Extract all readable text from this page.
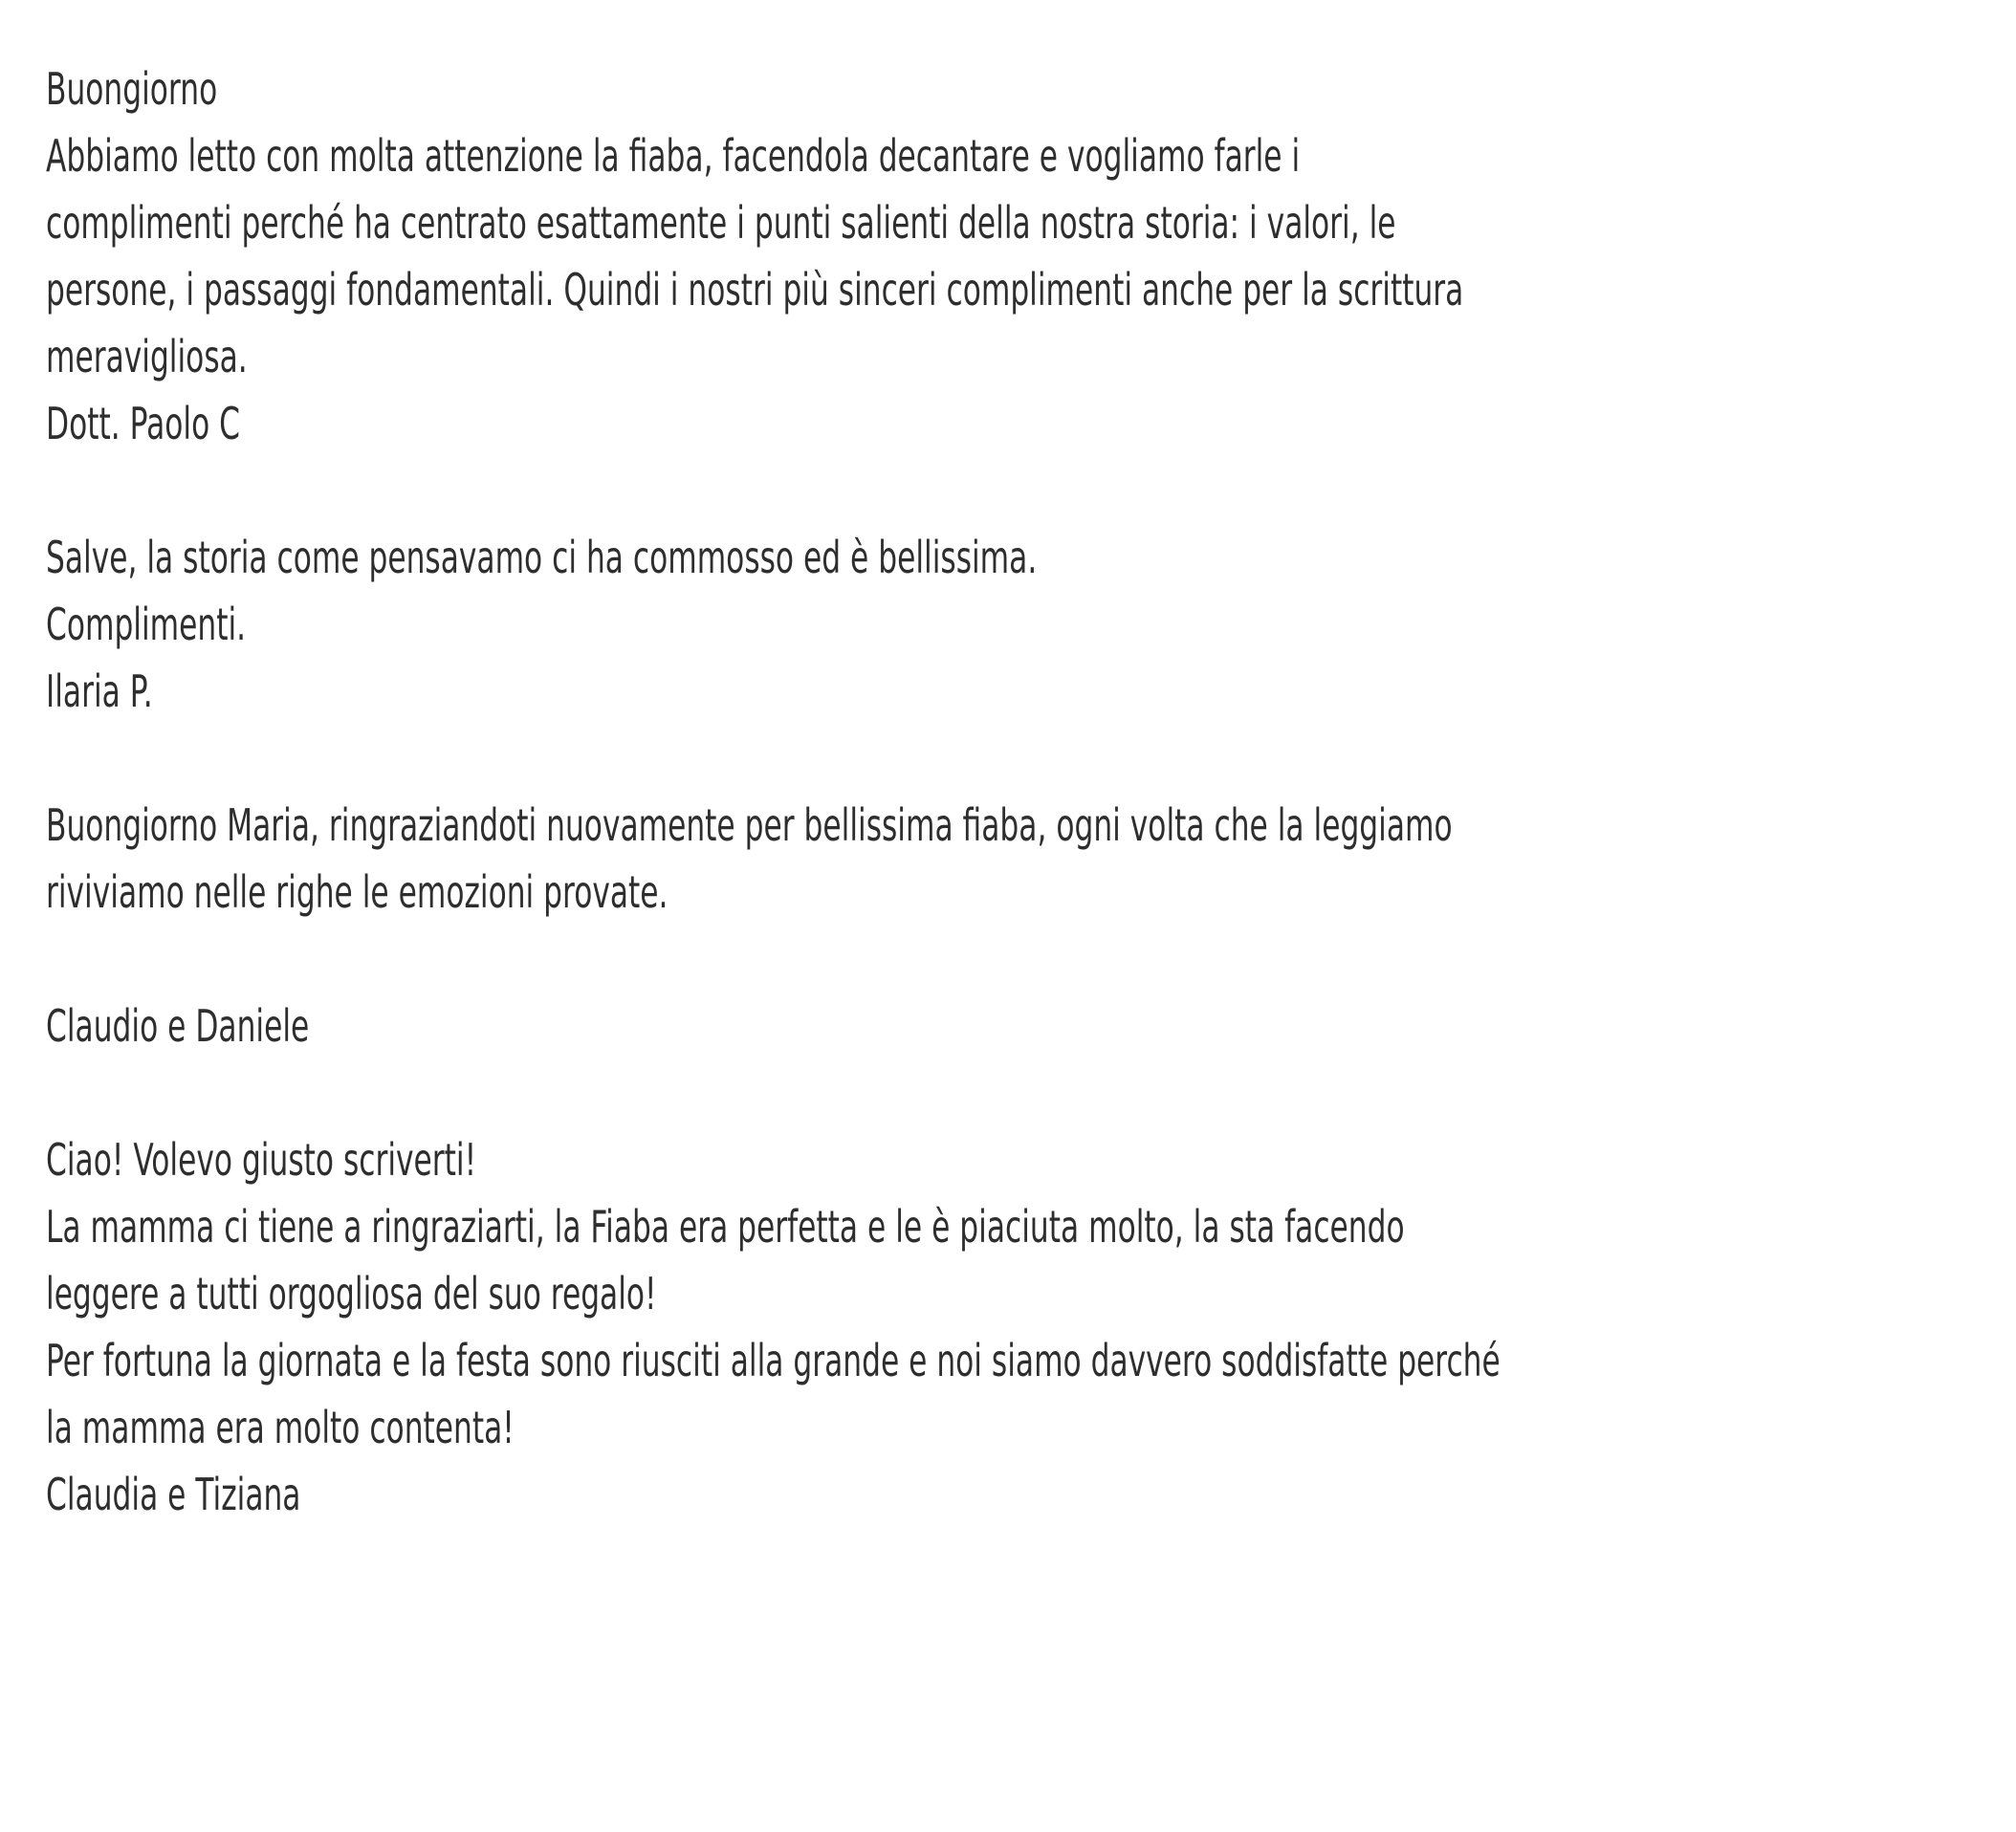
Buongiorno
Abbiamo letto con molta attenzione la fiaba, facendola decantare e vogliamo farle i
complimenti perché ha centrato esattamente i punti salienti della nostra storia: i valori, le
persone, i passaggi fondamentali. Quindi i nostri più sinceri complimenti anche per la scrittura
meravigliosa.
Dott. Paolo C
Salve, la storia come pensavamo ci ha commosso ed è bellissima.
Complimenti.
Ilaria P.
Buongiorno Maria, ringraziandoti nuovamente per bellissima fiaba, ogni volta che la leggiamo
riviviamo nelle righe le emozioni provate.
Claudio e Daniele
Ciao! Volevo giusto scriverti!
La mamma ci tiene a ringraziarti, la Fiaba era perfetta e le è piaciuta molto, la sta facendo
leggere a tutti orgogliosa del suo regalo!
Per fortuna la giornata e la festa sono riusciti alla grande e noi siamo davvero soddisfatte perché
la mamma era molto contenta!
Claudia e Tiziana
